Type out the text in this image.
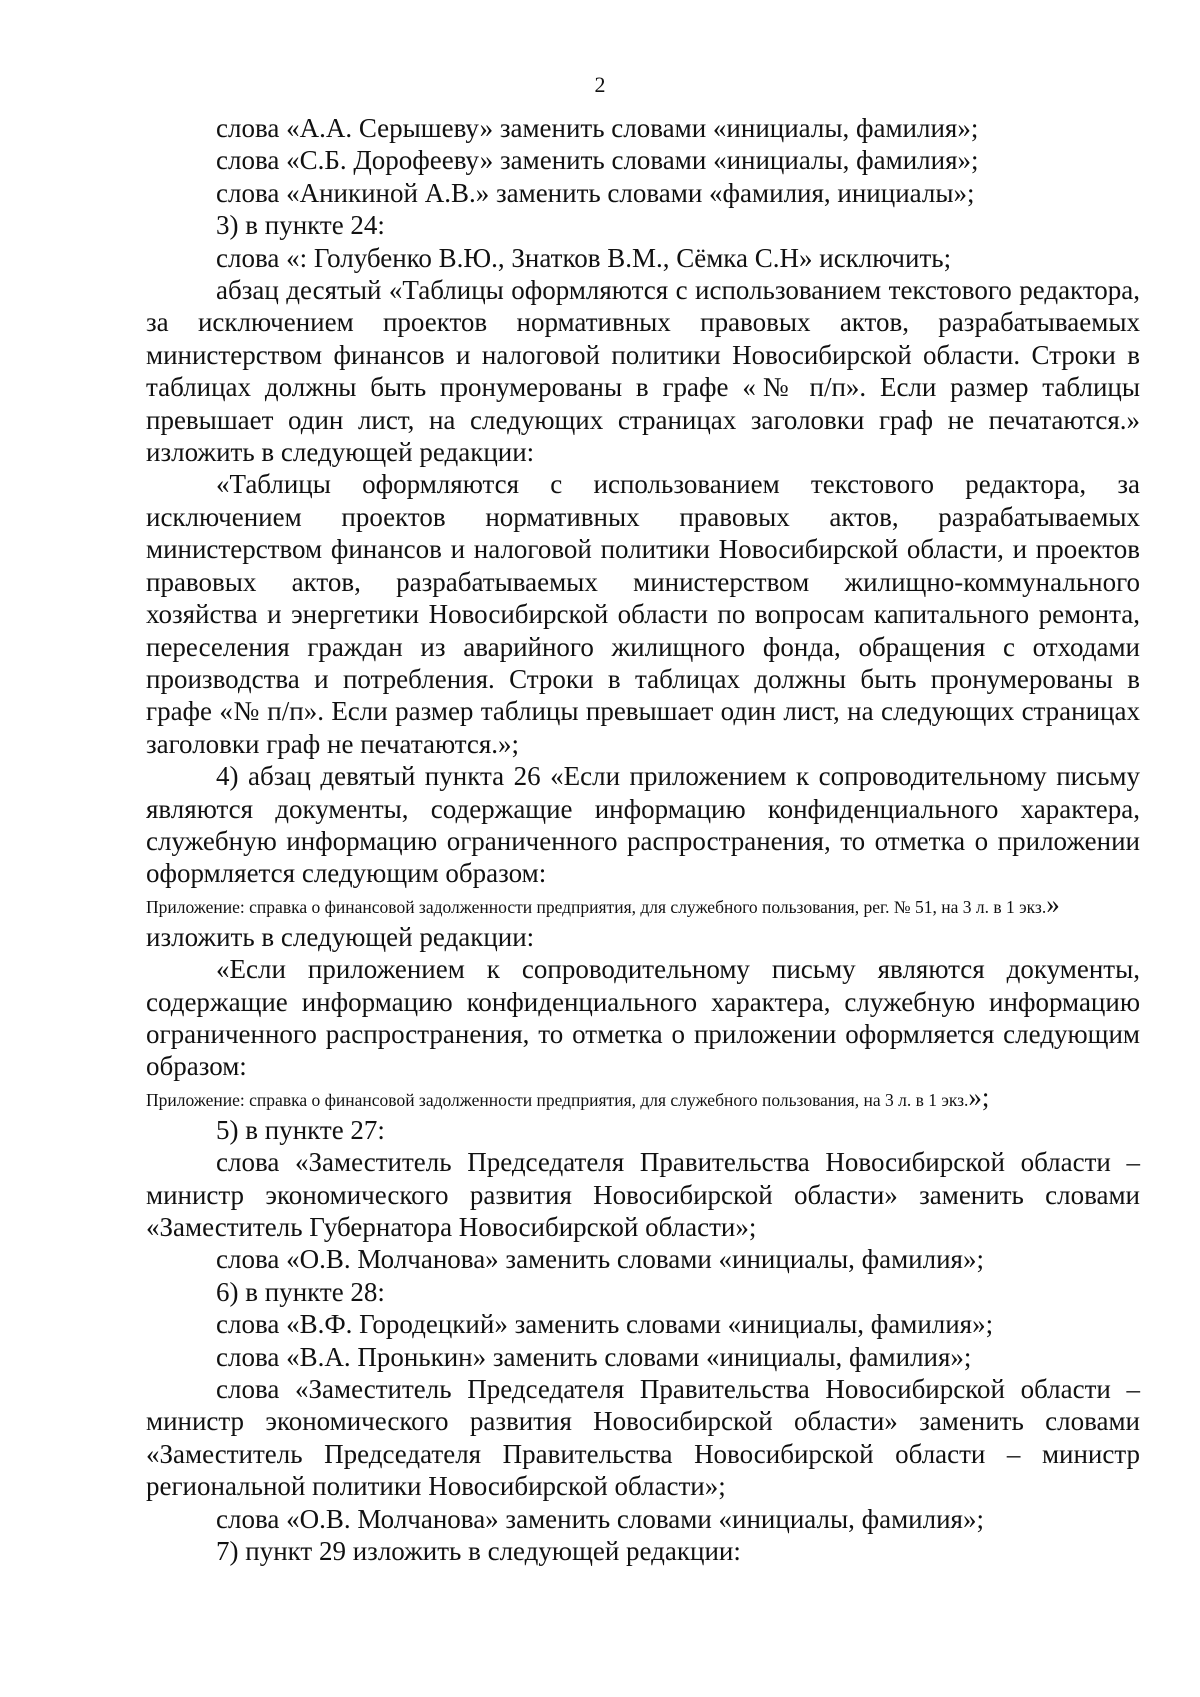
2

слова «А.А. Серышеву» заменить словами «инициалы, фамилия»;

слова «С.Б. Дорофееву» заменить словами «инициалы, фамилия»;

слова «Аникиной А.В.» заменить словами «фамилия, инициалы»;

3) в пункте 24:

слова «: Голубенко В.Ю., Знатков В.М., Сёмка С.Н» исключить;

абзац десятый «Таблицы оформляются с использованием текстового редактора, за исключением проектов нормативных правовых актов, разрабатываемых министерством финансов и налоговой политики Новосибирской области. Строки в таблицах должны быть пронумерованы в графе «№ п/п». Если размер таблицы превышает один лист, на следующих страницах заголовки граф не печатаются.» изложить в следующей редакции:

«Таблицы оформляются с использованием текстового редактора, за исключением проектов нормативных правовых актов, разрабатываемых министерством финансов и налоговой политики Новосибирской области, и проектов правовых актов, разрабатываемых министерством жилищно-коммунального хозяйства и энергетики Новосибирской области по вопросам капитального ремонта, переселения граждан из аварийного жилищного фонда, обращения с отходами производства и потребления. Строки в таблицах должны быть пронумерованы в графе «№ п/п». Если размер таблицы превышает один лист, на следующих страницах заголовки граф не печатаются.»;

4) абзац девятый пункта 26 «Если приложением к сопроводительному письму являются документы, содержащие информацию конфиденциального характера, служебную информацию ограниченного распространения, то отметка о приложении оформляется следующим образом:

Приложение: справка о финансовой задолженности предприятия, для служебного пользования, рег. № 51, на 3 л. в 1 экз.»

изложить в следующей редакции:

«Если приложением к сопроводительному письму являются документы, содержащие информацию конфиденциального характера, служебную информацию ограниченного распространения, то отметка о приложении оформляется следующим образом:

Приложение: справка о финансовой задолженности предприятия, для служебного пользования, на 3 л. в 1 экз.»;

5) в пункте 27:

слова «Заместитель Председателя Правительства Новосибирской области – министр экономического развития Новосибирской области» заменить словами «Заместитель Губернатора Новосибирской области»;

слова «О.В. Молчанова» заменить словами «инициалы, фамилия»;

6) в пункте 28:

слова «В.Ф. Городецкий» заменить словами «инициалы, фамилия»;

слова «В.А. Пронькин» заменить словами «инициалы, фамилия»;

слова «Заместитель Председателя Правительства Новосибирской области – министр экономического развития Новосибирской области» заменить словами «Заместитель Председателя Правительства Новосибирской области – министр региональной политики Новосибирской области»;

слова «О.В. Молчанова» заменить словами «инициалы, фамилия»;

7) пункт 29 изложить в следующей редакции:
